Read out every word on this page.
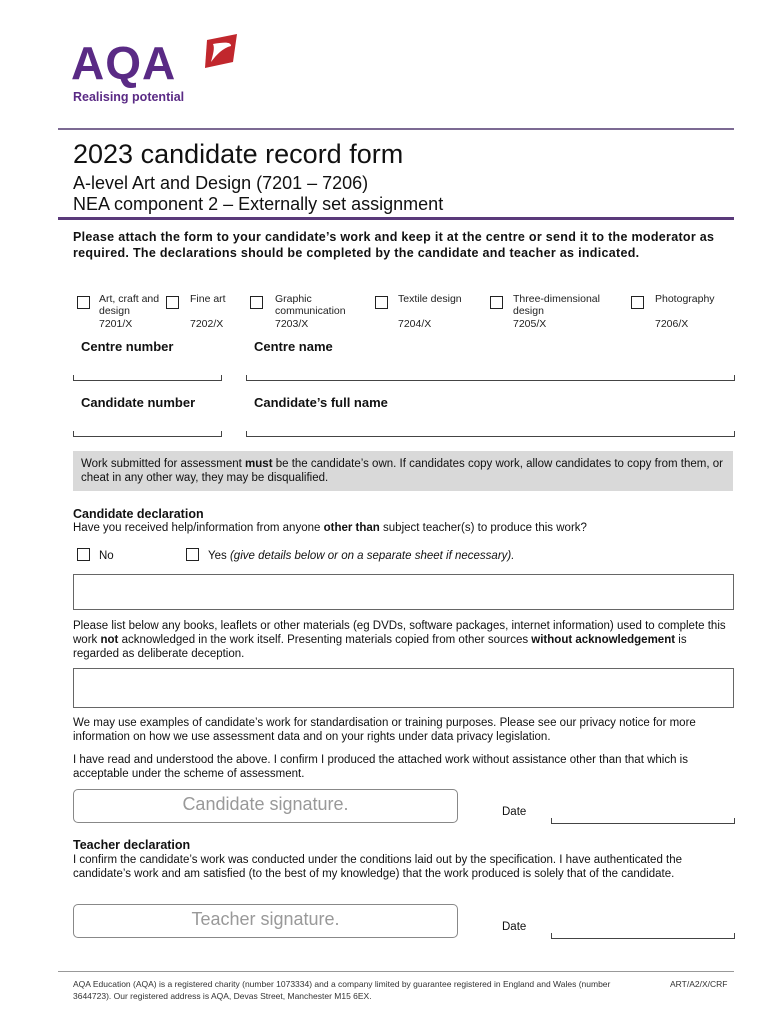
AQA
Realising potential
2023 candidate record form
A-level Art and Design (7201 – 7206)
NEA component 2 – Externally set assignment
Please attach the form to your candidate’s work and keep it at the centre or send it to the moderator as required. The declarations should be completed by the candidate and teacher as indicated.
Art, craft and design
7201/X
Fine art
7202/X
Graphic communication
7203/X
Textile design
7204/X
Three-dimensional design
7205/X
Photography
7206/X
Centre number	Centre name
Candidate number	Candidate’s full name
Work submitted for assessment must be the candidate’s own. If candidates copy work, allow candidates to copy from them, or cheat in any other way, they may be disqualified.
Candidate declaration
Have you received help/information from anyone other than subject teacher(s) to produce this work?
No	Yes (give details below or on a separate sheet if necessary).
Please list below any books, leaflets or other materials (eg DVDs, software packages, internet information) used to complete this work not acknowledged in the work itself. Presenting materials copied from other sources without acknowledgement is regarded as deliberate deception.
We may use examples of candidate’s work for standardisation or training purposes. Please see our privacy notice for more information on how we use assessment data and on your rights under data privacy legislation.
I have read and understood the above. I confirm I produced the attached work without assistance other than that which is acceptable under the scheme of assessment.
Candidate signature.	Date
Teacher declaration
I confirm the candidate’s work was conducted under the conditions laid out by the specification. I have authenticated the candidate’s work and am satisfied (to the best of my knowledge) that the work produced is solely that of the candidate.
Teacher signature.	Date
AQA Education (AQA) is a registered charity (number 1073334) and a company limited by guarantee registered in England and Wales (number 3644723). Our registered address is AQA, Devas Street, Manchester M15 6EX.
ART/A2/X/CRF
